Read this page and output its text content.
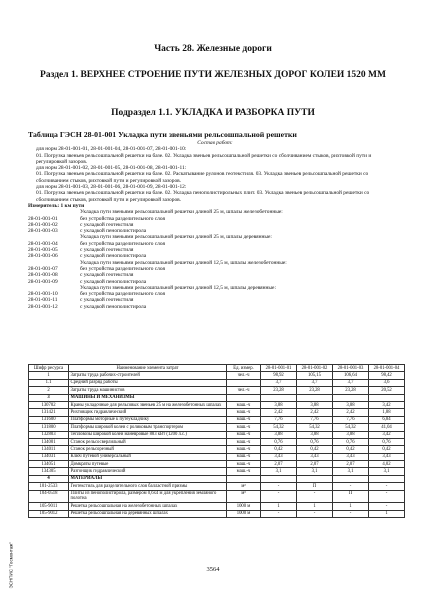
Часть 28. Железные дороги
Раздел 1. ВЕРХНЕЕ СТРОЕНИЕ ПУТИ ЖЕЛЕЗНЫХ ДОРОГ КОЛЕИ 1520 ММ
Подраздел 1.1. УКЛАДКА И РАЗБОРКА ПУТИ
Таблица ГЭСН 28-01-001 Укладка пути звеньями рельсошпальной решетки
Состав работ:
для норм 28-01-001-01, 28-01-001-04, 28-01-001-07, 28-01-001-10:
01. Погрузка звеньев рельсошпальной решетки на базе. 02. Укладка звеньев рельсошпальной решетки со сболчиванием стыков, рихтовкой пути и регулировкой зазоров.
для норм 28-01-001-02, 28-01-001-05, 28-01-001-08, 28-01-001-11:
01. Погрузка звеньев рельсошпальной решетки на базе. 02. Раскатывание рулонов геотекстиля. 03. Укладка звеньев рельсошпальной решетки со сболчиванием стыков, рихтовкой пути и регулировкой зазоров.
для норм 28-01-001-03, 28-01-001-06, 28-01-001-09, 28-01-001-12:
01. Погрузка звеньев рельсошпальной решетки на базе. 02. Укладка пенополистирольных плит. 03. Укладка звеньев рельсошпальной решетки со сболчиванием стыков, рихтовкой пути и регулировкой зазоров.
Измеритель: 1 км пути
Укладка пути звеньями рельсошпальной решетки длиной 25 м, шпалы железобетонные:
28-01-001-01	без устройства разделительного слоя
28-01-001-02	с укладкой геотекстиля
28-01-001-03	с укладкой пенополистирола
Укладка пути звеньями рельсошпальной решетки длиной 25 м, шпалы деревянные:
28-01-001-04	без устройства разделительного слоя
28-01-001-05	с укладкой геотекстиля
28-01-001-06	с укладкой пенополистирола
Укладка пути звеньями рельсошпальной решетки длиной 12,5 м, шпалы железобетонные:
28-01-001-07	без устройства разделительного слоя
28-01-001-08	с укладкой геотекстиля
28-01-001-09	с укладкой пенополистирола
Укладка пути звеньями рельсошпальной решетки длиной 12,5 м, шпалы деревянные:
28-01-001-10	без устройства разделительного слоя
28-01-001-11	с укладкой геотекстиля
28-01-001-12	с укладкой пенополистирола
Шифр ресурса	Наименование элемента затрат	Ед. измер.	28-01-001-01	28-01-001-02	28-01-001-03	28-01-001-04
1	Затраты труда рабочих-строителей	чел.-ч	98,92	105,15	106,64	98,42
1.1	Средний разряд работы		3,7	3,7	3,7	3,6
2	Затраты труда машинистов	чел.-ч	23,28	23,28	23,28	20,52
3	МАШИНЫ И МЕХАНИЗМЫ					
130702	Краны укладочные для рельсовых звеньев 25 м на железобетонных шпалах	маш.-ч	3,88	3,88	3,88	3,42
131421	Рихтовщик гидравлический	маш.-ч	2,42	2,42	2,42	1,88
131600	Платформы моторные к путеукладчику	маш.-ч	7,76	7,76	7,76	6,84
131800	Платформы широкой колеи с роликовым транспортером	маш.-ч	54,32	54,32	54,32	41,04
132803	Тепловозы широкой колеи маневровые 883 кВт (1200 л.с.)	маш.-ч	3,88	3,88	3,88	3,42
134001	Станок рельсосверлильный	маш.-ч	0,76	0,76	0,76	0,76
134011	Станок рельсорезный	маш.-ч	0,42	0,42	0,42	0,42
134031	Ключ путевой универсальный	маш.-ч	3,43	3,43	3,43	3,43
134051	Домкраты путевые	маш.-ч	2,07	2,07	2,07	4,02
134305	Разгонщик гидравлический	маш.-ч	3,1	3,1	3,1	3,1
4	МАТЕРИАЛЫ					
101-2533	Геотекстиль для разделительного слоя балластной призмы	м²	-	П	-	-
104-0518	Плиты из пенополистирола, размером 0,6х4 м для укрепления земляного полотна	м³	-	-	П	-
105-9011	Решетка рельсошпальная на железобетонных шпалах	1000 м	1	1	1	-
105-9012	Решетка рельсошпальная на деревянных шпалах	1000 м	-	-	-	1
ЭСНПИС "Госмонтаж"	3564
